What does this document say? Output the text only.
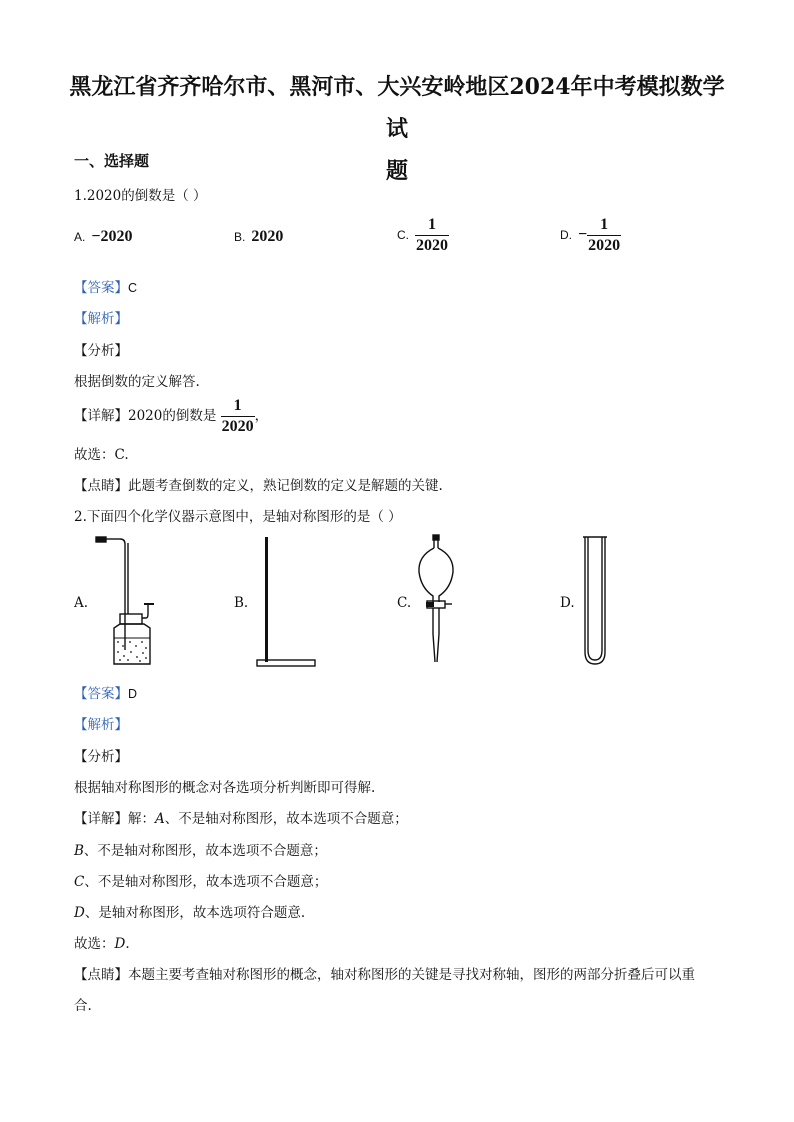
黑龙江省齐齐哈尔市、黑河市、大兴安岭地区2024年中考模拟数学试
题
一、选择题
1.2020的倒数是（ ）
A. −2020	B. 2020	C. $\frac{1}{2020}$	D. − $\frac{1}{2020}$
【答案】C
【解析】
【分析】
根据倒数的定义解答.
【详解】2020的倒数是 $\frac{1}{2020}$ ，
故选：C.
【点睛】此题考查倒数的定义，熟记倒数的定义是解题的关键.
2.下面四个化学仪器示意图中，是轴对称图形的是（ ）
A.	B.	C.	D.
【答案】D
【解析】
【分析】
根据轴对称图形的概念对各选项分析判断即可得解.
【详解】解：A、不是轴对称图形，故本选项不合题意；
B、不是轴对称图形，故本选项不合题意；
C、不是轴对称图形，故本选项不合题意；
D、是轴对称图形，故本选项符合题意.
故选：D.
【点睛】本题主要考查轴对称图形的概念，轴对称图形的关键是寻找对称轴，图形的两部分折叠后可以重
合.
